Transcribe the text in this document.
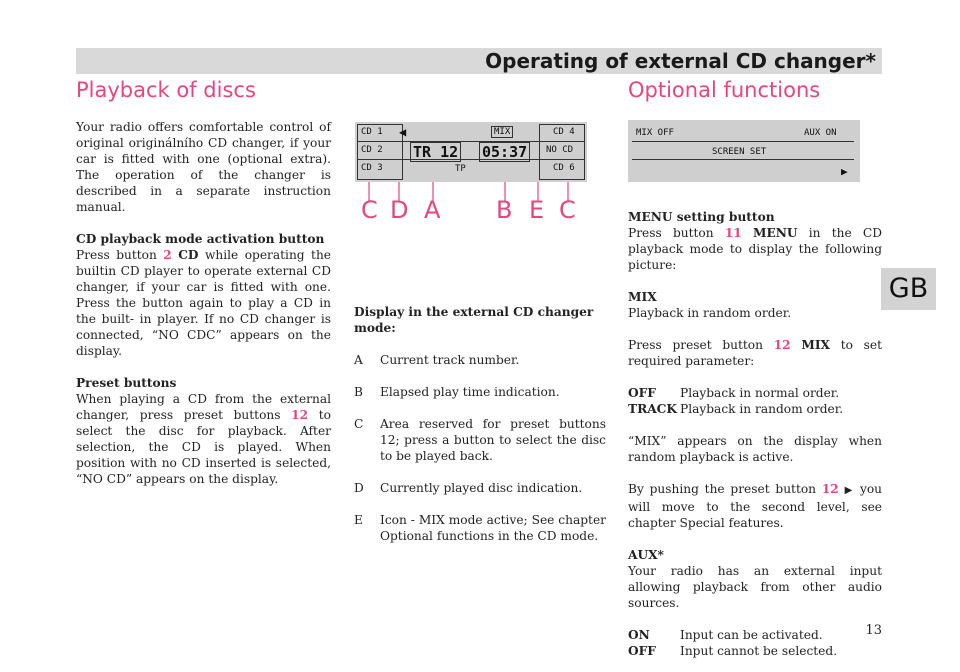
Operating of external CD changer*
Playback of discs

Your radio offers comfortable control of original originálního CD changer, if your car is fitted with one (optional extra). The operation of the changer is described in a separate instruction manual.

CD playback mode activation button

Press button 2 CD while operating the builtin CD player to operate external CD changer, if your car is fitted with one. Press the button again to play a CD in the built- in player. If no CD changer is connected, “NO CDC” appears on the display.

Preset buttons

When playing a CD from the external changer, press preset buttons 12 to select the disc for playback. After selection, the CD is played. When position with no CD inserted is selected, “NO CD” appears on the display.

CD 1
CD 2
CD 3
CD 4
NO CD
CD 6
◀	MIX
TR 12 05:37
TP
C D A B E C

Display in the external CD changer mode:

A Current track number.

B Elapsed play time indication.

C Area reserved for preset buttons 12; press a button to select the disc to be played back.

D Currently played disc indication.

E Icon - MIX mode active; See chapter Optional functions in the CD mode.

Optional functions
MIX OFF	AUX ON
SCREEN SET
▶
MENU setting button

Press button 11 MENU in the CD playback mode to display the following picture:

MIX

Playback in random order.

Press preset button 12 MIX to set required parameter:

OFF	Playback in normal order.
TRACK Playback in random order.

“MIX” appears on the display when random playback is active.

By pushing the preset button 12 ▶ you will move to the second level, see chapter Special features.

AUX*

Your radio has an external input allowing playback from other audio sources.

ON	Input can be activated.
OFF	Input cannot be selected.
GB
13
